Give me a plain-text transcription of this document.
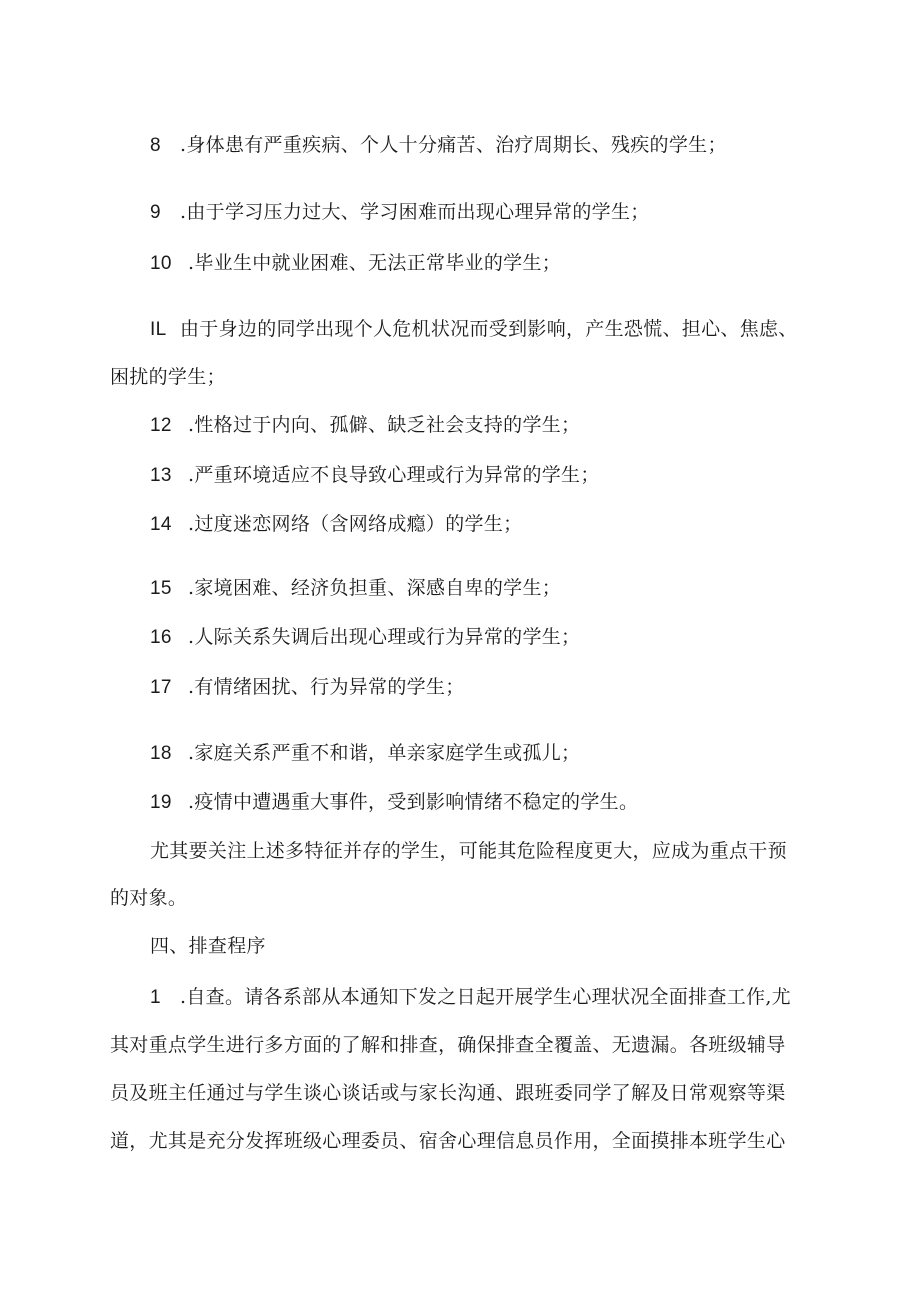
8 .身体患有严重疾病、个人十分痛苦、治疗周期长、残疾的学生；
9 .由于学习压力过大、学习困难而出现心理异常的学生；
10 .毕业生中就业困难、无法正常毕业的学生；
IL 由于身边的同学出现个人危机状况而受到影响，产生恐慌、担心、焦虑、
困扰的学生；
12 .性格过于内向、孤僻、缺乏社会支持的学生；
13 .严重环境适应不良导致心理或行为异常的学生；
14 .过度迷恋网络（含网络成瘾）的学生；
15 .家境困难、经济负担重、深感自卑的学生；
16 .人际关系失调后出现心理或行为异常的学生；
17 .有情绪困扰、行为异常的学生；
18 .家庭关系严重不和谐，单亲家庭学生或孤儿；
19 .疫情中遭遇重大事件，受到影响情绪不稳定的学生。
尤其要关注上述多特征并存的学生，可能其危险程度更大，应成为重点干预
的对象。
四、排查程序
1 .自查。请各系部从本通知下发之日起开展学生心理状况全面排查工作,尤
其对重点学生进行多方面的了解和排查，确保排查全覆盖、无遗漏。各班级辅导
员及班主任通过与学生谈心谈话或与家长沟通、跟班委同学了解及日常观察等渠
道，尤其是充分发挥班级心理委员、宿舍心理信息员作用，全面摸排本班学生心
